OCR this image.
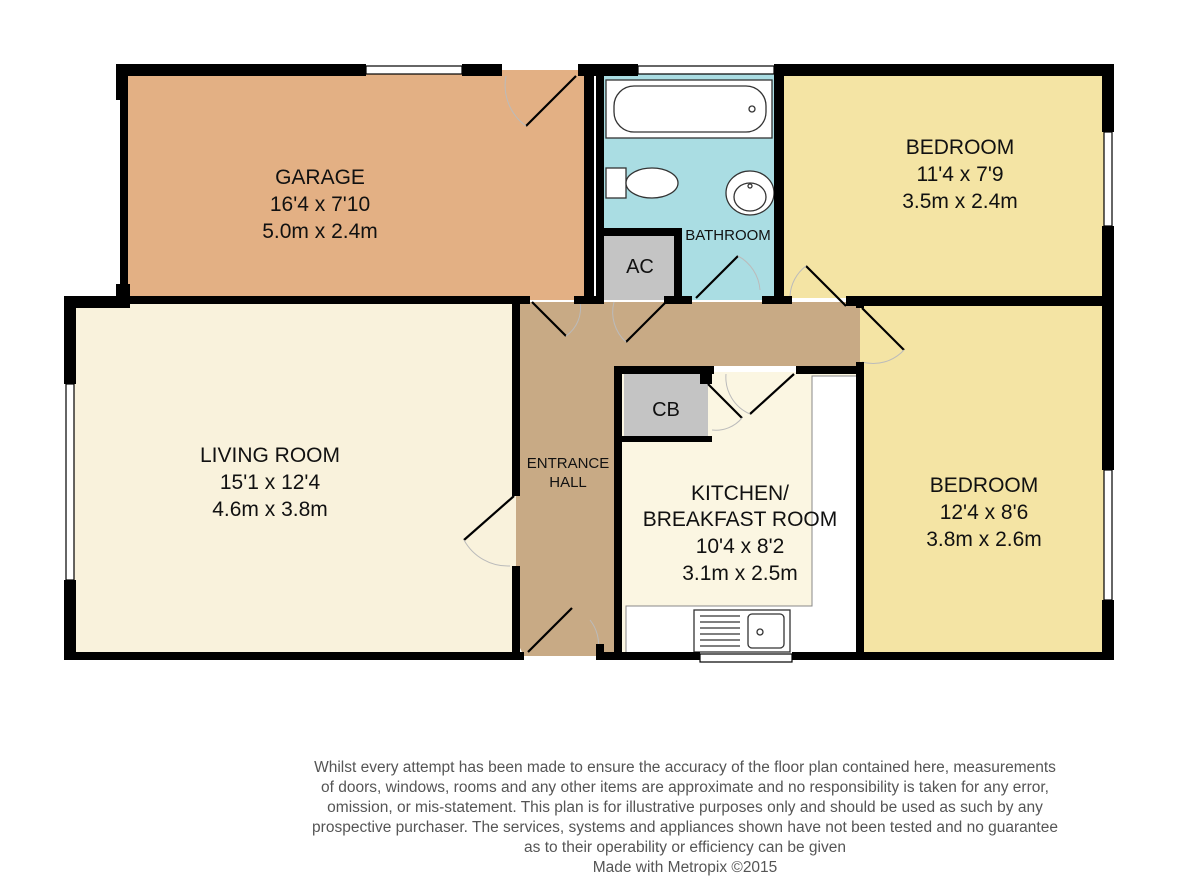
GARAGE
16'4 x 7'10
5.0m x 2.4m	BATHROOM
BEDROOM
11'4 x 7'9
3.5m x 2.4m
AC
LIVING ROOM
15'1 x 12'4
4.6m x 3.8m
ENTRANCE
HALL
CB
KITCHEN/
BREAKFAST ROOM
10'4 x 8'2
3.1m x 2.5m
BEDROOM
12'4 x 8'6
3.8m x 2.6m
Whilst every attempt has been made to ensure the accuracy of the floor plan contained here, measurements
of doors, windows, rooms and any other items are approximate and no responsibility is taken for any error,
omission, or mis-statement. This plan is for illustrative purposes only and should be used as such by any
prospective purchaser. The services, systems and appliances shown have not been tested and no guarantee
as to their operability or efficiency can be given
Made with Metropix ©2015
